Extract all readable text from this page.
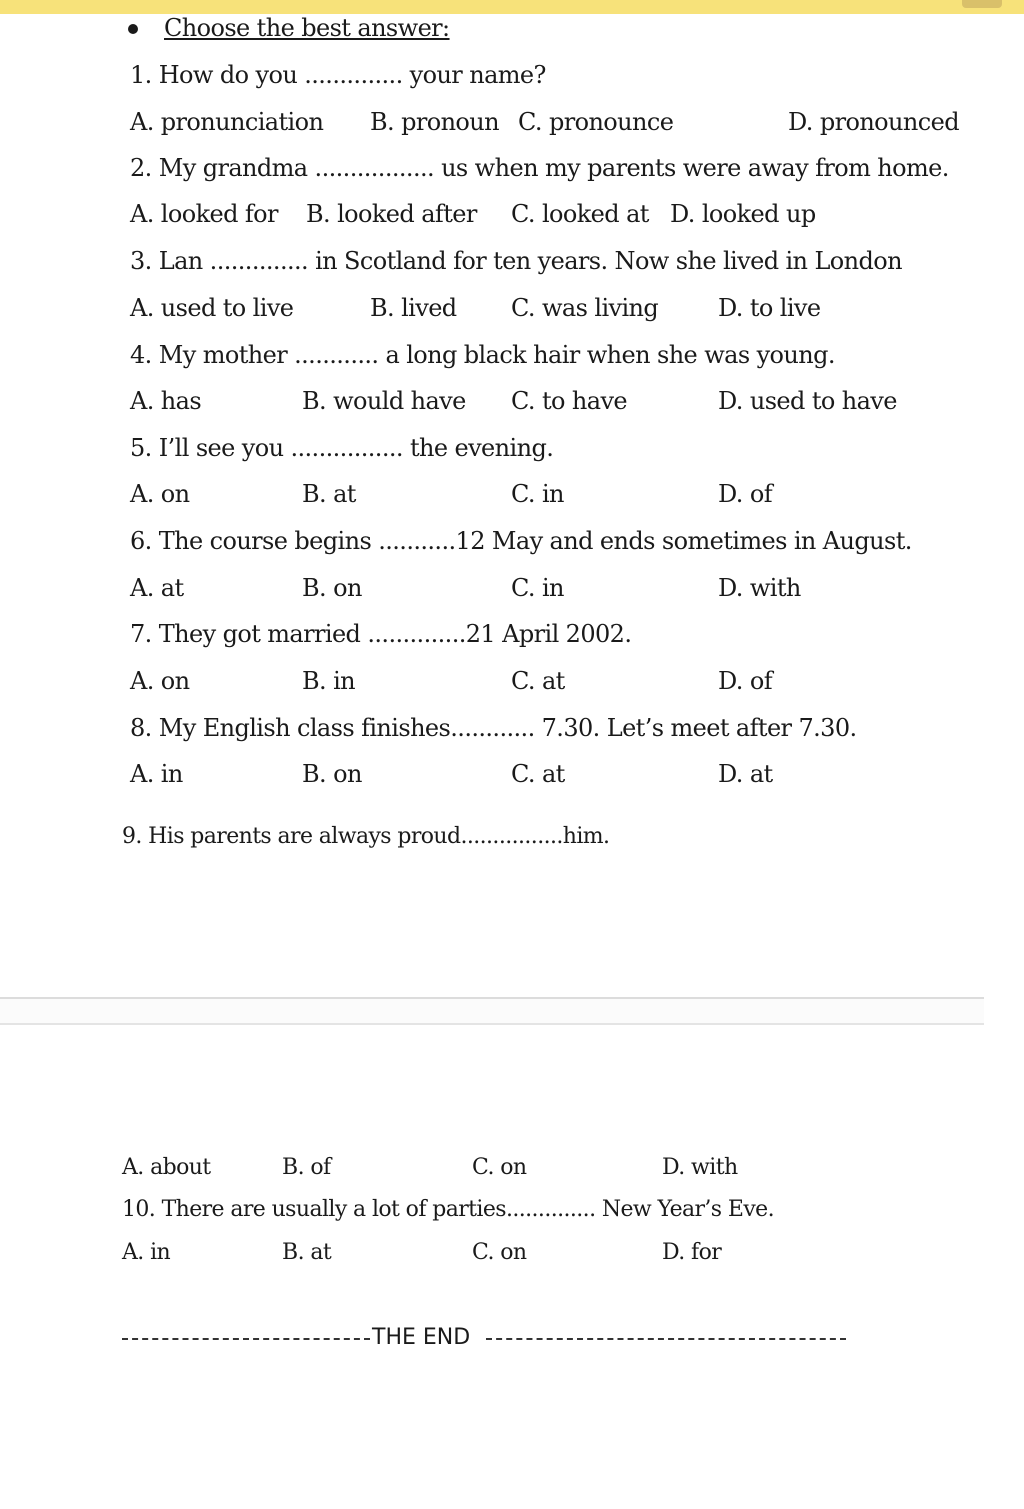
Choose the best answer:
1. How do you .............. your name?
A. pronunciation B. pronoun C. pronounce	D. pronounced
2. My grandma ................. us when my parents were away from home.
A. looked for B. looked after C. looked at D. looked up
3. Lan .............. in Scotland for ten years. Now she lived in London
A. used to live	B. lived C. was living D. to live
4. My mother ............ a long black hair when she was young.
A. has	B. would have C. to have	D. used to have
5. I’ll see you ................ the evening.
A. on	B. at	C. in	D. of
6. The course begins ...........12 May and ends sometimes in August.
A. at	B. on	C. in	D. with
7. They got married ..............21 April 2002.
A. on	B. in	C. at	D. of
8. My English class finishes............ 7.30. Let’s meet after 7.30.
A. in	B. on	C. at	D. at
9. His parents are always proud................him.
A. about	B. of	C. on	D. with
10. There are usually a lot of parties.............. New Year’s Eve.
A. in	B. at	C. on	D. for
THE END
